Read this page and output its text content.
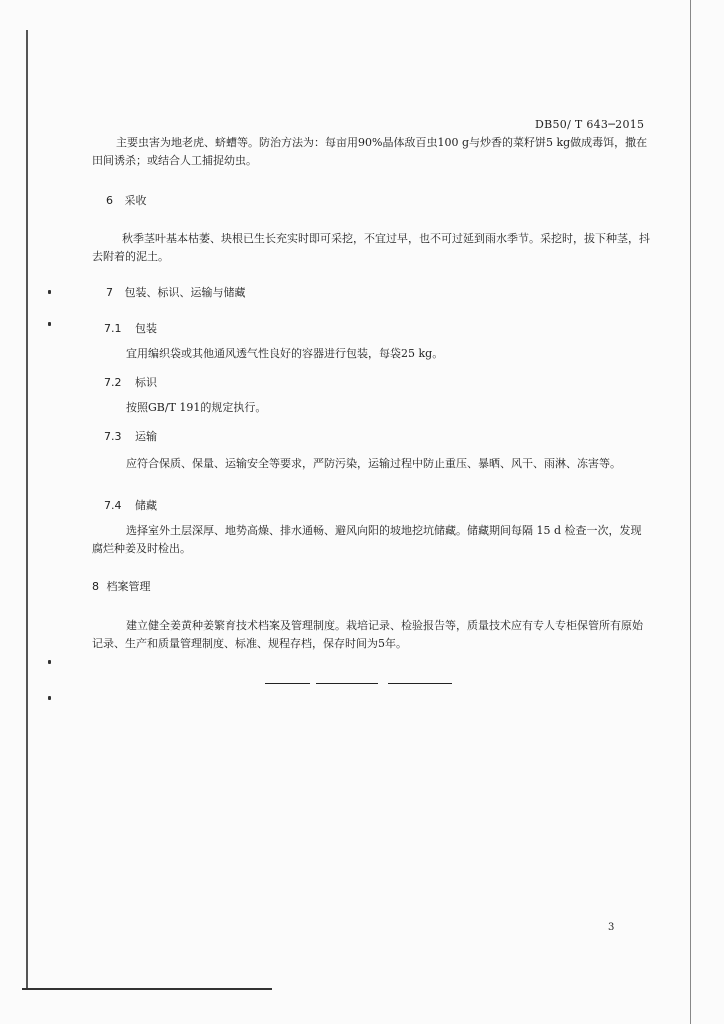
DB50/ T 643─2015
主要虫害为地老虎、蛴螬等。防治方法为：每亩用90%晶体敌百虫100 g与炒香的菜籽饼5 kg做成毒饵，撒在田间诱杀；或结合人工捕捉幼虫。
6 采收
秋季茎叶基本枯萎、块根已生长充实时即可采挖，不宜过早，也不可过延到雨水季节。采挖时，拔下种茎，抖去附着的泥土。
7 包装、标识、运输与储藏
7.1 包装
宜用编织袋或其他通风透气性良好的容器进行包装，每袋25 kg。
7.2 标识
按照GB/T 191的规定执行。
7.3 运输
应符合保质、保量、运输安全等要求，严防污染，运输过程中防止重压、暴晒、风干、雨淋、冻害等。
7.4 储藏
选择室外土层深厚、地势高燥、排水通畅、避风向阳的坡地挖坑储藏。储藏期间每隔 15 d 检查一次，发现腐烂种姜及时检出。
8 档案管理
建立健全姜黄种姜繁育技术档案及管理制度。栽培记录、检验报告等，质量技术应有专人专柜保管所有原始记录、生产和质量管理制度、标准、规程存档，保存时间为5年。
3
